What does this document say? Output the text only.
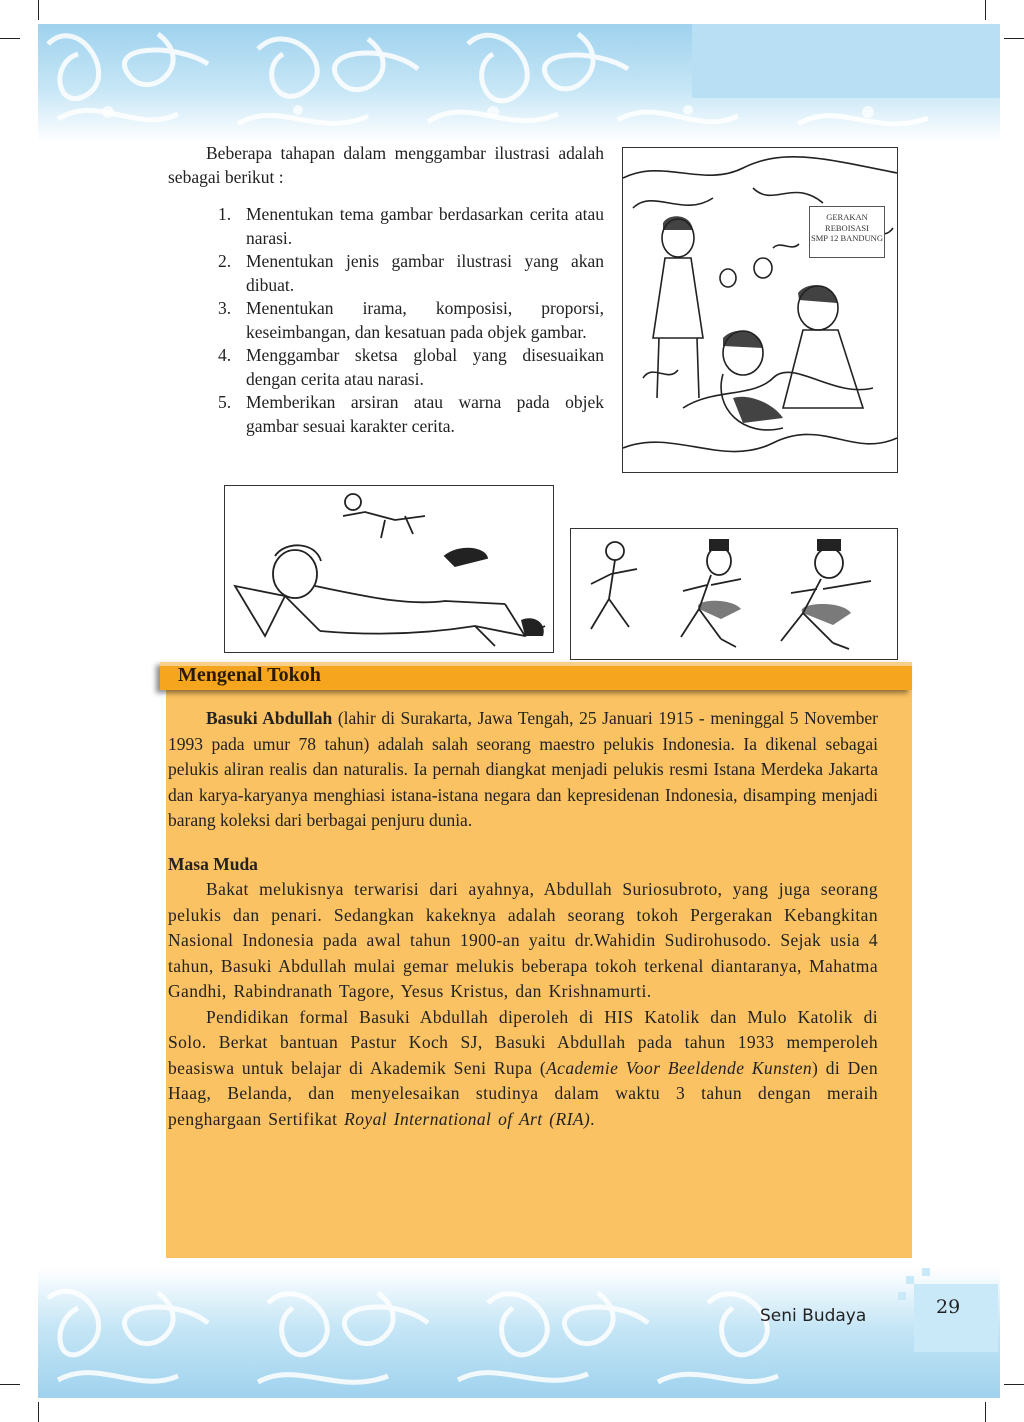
Beberapa tahapan dalam menggambar ilustrasi adalah sebagai berikut :

1. Menentukan tema gambar berdasarkan cerita atau narasi.
2. Menentukan jenis gambar ilustrasi yang akan dibuat.
3. Menentukan irama, komposisi, proporsi, keseimbangan, dan kesatuan pada objek gambar.
4. Menggambar sketsa global yang disesuaikan dengan cerita atau narasi.
5. Memberikan arsiran atau warna pada objek gambar sesuai karakter cerita.
GERAKAN
REBOISASI
SMP 12 BANDUNG
Mengenal Tokoh

Basuki Abdullah (lahir di Surakarta, Jawa Tengah, 25 Januari 1915 - meninggal 5 November 1993 pada umur 78 tahun) adalah salah seorang maestro pelukis Indonesia. Ia dikenal sebagai pelukis aliran realis dan naturalis. Ia pernah diangkat menjadi pelukis resmi Istana Merdeka Jakarta dan karya-karyanya menghiasi istana-istana negara dan kepresidenan Indonesia, disamping menjadi barang koleksi dari berbagai penjuru dunia.

Masa Muda

Bakat melukisnya terwarisi dari ayahnya, Abdullah Suriosubroto, yang juga seorang pelukis dan penari. Sedangkan kakeknya adalah seorang tokoh Pergerakan Kebangkitan Nasional Indonesia pada awal tahun 1900-an yaitu dr.Wahidin Sudirohusodo. Sejak usia 4 tahun, Basuki Abdullah mulai gemar melukis beberapa tokoh terkenal diantaranya, Mahatma Gandhi, Rabindranath Tagore, Yesus Kristus, dan Krishnamurti.

Pendidikan formal Basuki Abdullah diperoleh di HIS Katolik dan Mulo Katolik di Solo. Berkat bantuan Pastur Koch SJ, Basuki Abdullah pada tahun 1933 memperoleh beasiswa untuk belajar di Akademik Seni Rupa (Academie Voor Beeldende Kunsten) di Den Haag, Belanda, dan menyelesaikan studinya dalam waktu 3 tahun dengan meraih penghargaan Sertifikat Royal International of Art (RIA).

Seni Budaya	29
